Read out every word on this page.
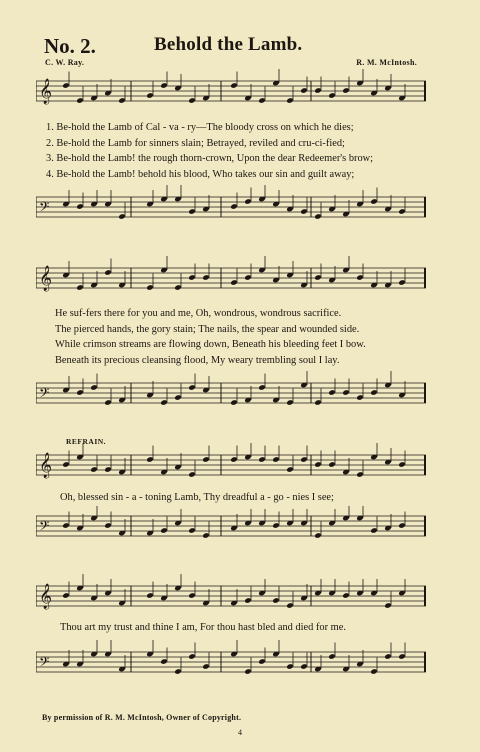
No. 2.	Behold the Lamb.
C. W. Ray.	R. M. McIntosh.
𝄞
1. Be-hold the Lamb of Cal - va - ry—The bloody cross on which he dies;
2. Be-hold the Lamb for sinners slain; Betrayed, reviled and cru-ci-fied;
3. Be-hold the Lamb! the rough thorn-crown, Upon the dear Redeemer's brow;
4. Be-hold the Lamb! behold his blood, Who takes our sin and guilt away;
𝄢
𝄞
He suf-fers there for you and me, Oh, wondrous, wondrous sacrifice.
The pierced hands, the gory stain; The nails, the spear and wounded side.
While crimson streams are flowing down, Beneath his bleeding feet I bow.
Beneath its precious cleansing flood, My weary trembling soul I lay.
𝄢
REFRAIN.
𝄞
Oh, blessed sin - a - toning Lamb, Thy dreadful a - go - nies I see;
𝄢
𝄞
Thou art my trust and thine I am, For thou hast bled and died for me.
𝄢
By permission of R. M. McIntosh, Owner of Copyright.
4
